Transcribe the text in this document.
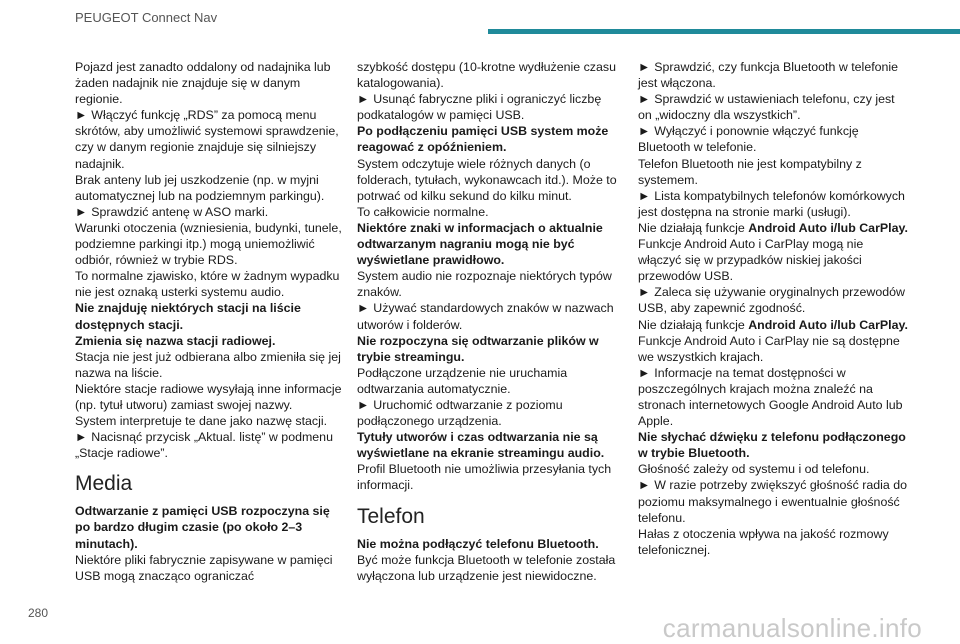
PEUGEOT Connect Nav

Pojazd jest zanadto oddalony od nadajnika lub żaden nadajnik nie znajduje się w danym regionie.

► Włączyć funkcję „RDS” za pomocą menu skrótów, aby umożliwić systemowi sprawdzenie, czy w danym regionie znajduje się silniejszy nadajnik.

Brak anteny lub jej uszkodzenie (np. w myjni automatycznej lub na podziemnym parkingu).

► Sprawdzić antenę w ASO marki.

Warunki otoczenia (wzniesienia, budynki, tunele, podziemne parkingi itp.) mogą uniemożliwić odbiór, również w trybie RDS.

To normalne zjawisko, które w żadnym wypadku nie jest oznaką usterki systemu audio.

Nie znajduję niektórych stacji na liście dostępnych stacji.

Zmienia się nazwa stacji radiowej.

Stacja nie jest już odbierana albo zmieniła się jej nazwa na liście.

Niektóre stacje radiowe wysyłają inne informacje (np. tytuł utworu) zamiast swojej nazwy.

System interpretuje te dane jako nazwę stacji.

► Nacisnąć przycisk „Aktual. listę” w podmenu „Stacje radiowe”.

Media

Odtwarzanie z pamięci USB rozpoczyna się po bardzo długim czasie (po około 2–3 minutach).

Niektóre pliki fabrycznie zapisywane w pamięci USB mogą znacząco ograniczać

szybkość dostępu (10-krotne wydłużenie czasu katalogowania).

► Usunąć fabryczne pliki i ograniczyć liczbę podkatalogów w pamięci USB.

Po podłączeniu pamięci USB system może reagować z opóźnieniem.

System odczytuje wiele różnych danych (o folderach, tytułach, wykonawcach itd.). Może to potrwać od kilku sekund do kilku minut.

To całkowicie normalne.

Niektóre znaki w informacjach o aktualnie odtwarzanym nagraniu mogą nie być wyświetlane prawidłowo.

System audio nie rozpoznaje niektórych typów znaków.

► Używać standardowych znaków w nazwach utworów i folderów.

Nie rozpoczyna się odtwarzanie plików w trybie streamingu.

Podłączone urządzenie nie uruchamia odtwarzania automatycznie.

► Uruchomić odtwarzanie z poziomu podłączonego urządzenia.

Tytuły utworów i czas odtwarzania nie są wyświetlane na ekranie streamingu audio.

Profil Bluetooth nie umożliwia przesyłania tych informacji.

Telefon

Nie można podłączyć telefonu Bluetooth.

Być może funkcja Bluetooth w telefonie została wyłączona lub urządzenie jest niewidoczne.

► Sprawdzić, czy funkcja Bluetooth w telefonie jest włączona.

► Sprawdzić w ustawieniach telefonu, czy jest on „widoczny dla wszystkich”.

► Wyłączyć i ponownie włączyć funkcję Bluetooth w telefonie.

Telefon Bluetooth nie jest kompatybilny z systemem.

► Lista kompatybilnych telefonów komórkowych jest dostępna na stronie marki (usługi).

Nie działają funkcje Android Auto i/lub CarPlay.

Funkcje Android Auto i CarPlay mogą nie włączyć się w przypadków niskiej jakości przewodów USB.

► Zaleca się używanie oryginalnych przewodów USB, aby zapewnić zgodność.

Nie działają funkcje Android Auto i/lub CarPlay.

Funkcje Android Auto i CarPlay nie są dostępne we wszystkich krajach.

► Informacje na temat dostępności w poszczególnych krajach można znaleźć na stronach internetowych Google Android Auto lub Apple.

Nie słychać dźwięku z telefonu podłączonego w trybie Bluetooth.

Głośność zależy od systemu i od telefonu.

► W razie potrzeby zwiększyć głośność radia do poziomu maksymalnego i ewentualnie głośność telefonu.

Hałas z otoczenia wpływa na jakość rozmowy telefonicznej.

280	carmanualsonline.info
